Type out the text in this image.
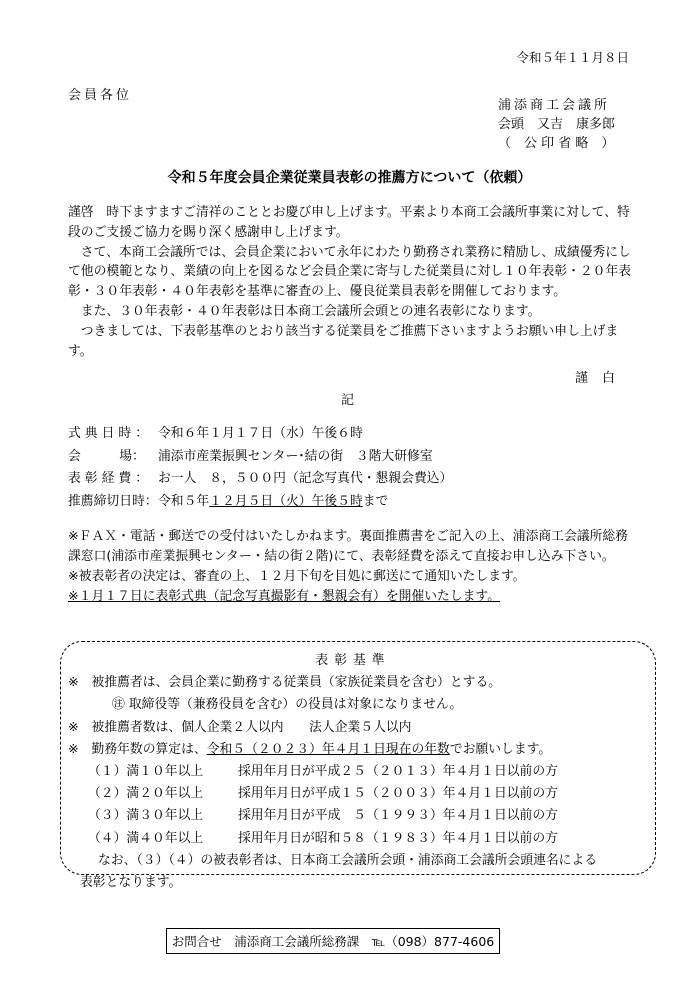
令和５年１１月８日
会員各位
浦添商工会議所
会頭　又吉　康多郎
（　公 印 省 略　）
令和５年度会員企業従業員表彰の推薦方について（依頼）

謹啓　時下ますますご清祥のこととお慶び申し上げます。平素より本商工会議所事業に対して、特段のご支援ご協力を賜り深く感謝申し上げます。

　さて、本商工会議所では、会員企業において永年にわたり勤務され業務に精励し、成績優秀にして他の模範となり、業績の向上を図るなど会員企業に寄与した従業員に対し１０年表彰・２０年表彰・３０年表彰・４０年表彰を基準に審査の上、優良従業員表彰を開催しております。

　また、３０年表彰・４０年表彰は日本商工会議所会頭との連名表彰になります。

　つきましては、下表彰基準のとおり該当する従業員をご推薦下さいますようお願い申し上げます。

謹白
記
式典日時： 令和６年１月１７日（水）午後６時
会　　　場：	浦添市産業振興センター･結の街　３階大研修室
表彰経費： お一人　８，５００円（記念写真代・懇親会費込）
推薦締切日時： 令和５年 １２月５日（火）午後５時 まで

※ＦＡＸ・電話・郵送での受付はいたしかねます。裏面推薦書をご記入の上、浦添商工会議所総務課窓口(浦添市産業振興センター・結の街２階)にて、表彰経費を添えて直接お申し込み下さい。

※被表彰者の決定は、審査の上、１２月下旬を目処に郵送にて通知いたします。

※１月１７日に表彰式典（記念写真撮影有・懇親会有）を開催いたします。

表彰基準
※　被推薦者は、会員企業に勤務する従業員（家族従業員を含む）とする。
㊟ 取締役等（兼務役員を含む）の役員は対象になりません。
※　被推薦者数は、個人企業２人以内　　法人企業５人以内
※　勤務年数の算定は、令和５（２０２３）年４月１日現在の年数でお願いします。
（１）満１０年以上	採用年月日が平成２５（２０１３）年４月１日以前の方
（２）満２０年以上	採用年月日が平成１５（２００３）年４月１日以前の方
（３）満３０年以上	採用年月日が平成　５（１９９３）年４月１日以前の方
（４）満４０年以上	採用年月日が昭和５８（１９８３）年４月１日以前の方
なお、（３）（４）の被表彰者は、日本商工会議所会頭・浦添商工会議所会頭連名による
表彰となります。
お問合せ　浦添商工会議所総務課　℡（098）877-4606
